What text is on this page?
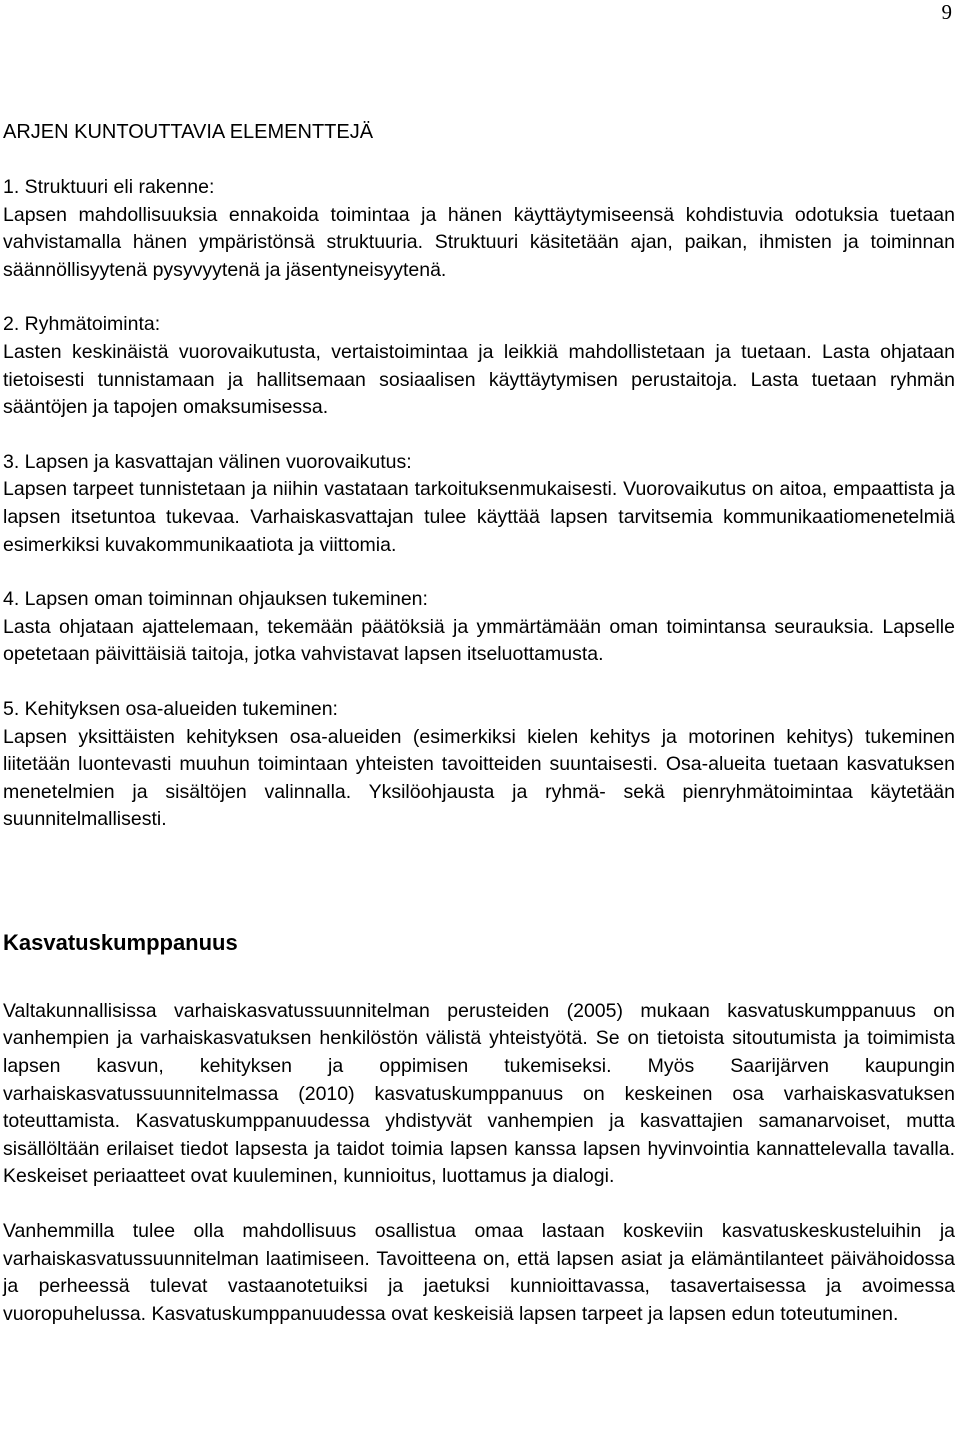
9
ARJEN KUNTOUTTAVIA ELEMENTTEJÄ

1. Struktuuri eli rakenne:

Lapsen mahdollisuuksia ennakoida toimintaa ja hänen käyttäytymiseensä kohdistuvia odotuksia tuetaan vahvistamalla hänen ympäristönsä struktuuria. Struktuuri käsitetään ajan, paikan, ihmisten ja toiminnan säännöllisyytenä pysyvyytenä ja jäsentyneisyytenä.

2. Ryhmätoiminta:

Lasten keskinäistä vuorovaikutusta, vertaistoimintaa ja leikkiä mahdollistetaan ja tuetaan. Lasta ohjataan tietoisesti tunnistamaan ja hallitsemaan sosiaalisen käyttäytymisen perustaitoja. Lasta tuetaan ryhmän sääntöjen ja tapojen omaksumisessa.

3. Lapsen ja kasvattajan välinen vuorovaikutus:

Lapsen tarpeet tunnistetaan ja niihin vastataan tarkoituksenmukaisesti. Vuorovaikutus on aitoa, empaattista ja lapsen itsetuntoa tukevaa. Varhaiskasvattajan tulee käyttää lapsen tarvitsemia kommunikaatiomenetelmiä esimerkiksi kuvakommunikaatiota ja viittomia.

4. Lapsen oman toiminnan ohjauksen tukeminen:

Lasta ohjataan ajattelemaan, tekemään päätöksiä ja ymmärtämään oman toimintansa seurauksia. Lapselle opetetaan päivittäisiä taitoja, jotka vahvistavat lapsen itseluottamusta.

5. Kehityksen osa-alueiden tukeminen:

Lapsen yksittäisten kehityksen osa-alueiden (esimerkiksi kielen kehitys ja motorinen kehitys) tukeminen liitetään luontevasti muuhun toimintaan yhteisten tavoitteiden suuntaisesti. Osa-alueita tuetaan kasvatuksen menetelmien ja sisältöjen valinnalla. Yksilöohjausta ja ryhmä- sekä pienryhmätoimintaa käytetään suunnitelmallisesti.

Kasvatuskumppanuus

Valtakunnallisissa varhaiskasvatussuunnitelman perusteiden (2005) mukaan kasvatuskumppanuus on vanhempien ja varhaiskasvatuksen henkilöstön välistä yhteistyötä. Se on tietoista sitoutumista ja toimimista lapsen kasvun, kehityksen ja oppimisen tukemiseksi. Myös Saarijärven kaupungin varhaiskasvatussuunnitelmassa (2010) kasvatuskumppanuus on keskeinen osa varhaiskasvatuksen toteuttamista. Kasvatuskumppanuudessa yhdistyvät vanhempien ja kasvattajien samanarvoiset, mutta sisällöltään erilaiset tiedot lapsesta ja taidot toimia lapsen kanssa lapsen hyvinvointia kannattelevalla tavalla. Keskeiset periaatteet ovat kuuleminen, kunnioitus, luottamus ja dialogi.

Vanhemmilla tulee olla mahdollisuus osallistua omaa lastaan koskeviin kasvatuskeskusteluihin ja varhaiskasvatussuunnitelman laatimiseen. Tavoitteena on, että lapsen asiat ja elämäntilanteet päivähoidossa ja perheessä tulevat vastaanotetuiksi ja jaetuksi kunnioittavassa, tasavertaisessa ja avoimessa vuoropuhelussa. Kasvatuskumppanuudessa ovat keskeisiä lapsen tarpeet ja lapsen edun toteutuminen.
